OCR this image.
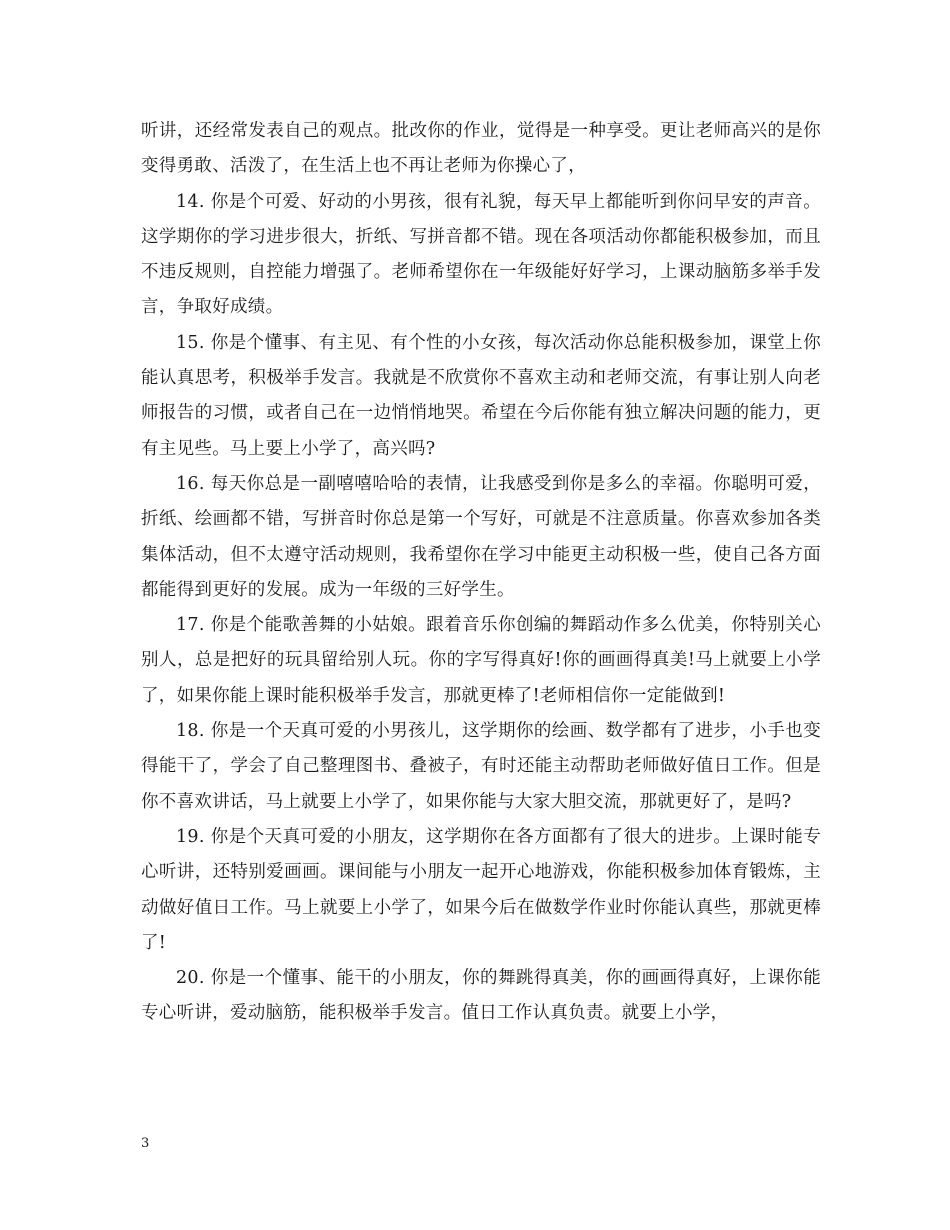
听讲，还经常发表自己的观点。批改你的作业，觉得是一种享受。更让老师高兴的是你变得勇敢、活泼了，在生活上也不再让老师为你操心了，

14. 你是个可爱、好动的小男孩，很有礼貌，每天早上都能听到你问早安的声音。这学期你的学习进步很大，折纸、写拼音都不错。现在各项活动你都能积极参加，而且不违反规则，自控能力增强了。老师希望你在一年级能好好学习，上课动脑筋多举手发言，争取好成绩。

15. 你是个懂事、有主见、有个性的小女孩，每次活动你总能积极参加，课堂上你能认真思考，积极举手发言。我就是不欣赏你不喜欢主动和老师交流，有事让别人向老师报告的习惯，或者自己在一边悄悄地哭。希望在今后你能有独立解决问题的能力，更有主见些。马上要上小学了，高兴吗?

16. 每天你总是一副嘻嘻哈哈的表情，让我感受到你是多么的幸福。你聪明可爱，折纸、绘画都不错，写拼音时你总是第一个写好，可就是不注意质量。你喜欢参加各类集体活动，但不太遵守活动规则，我希望你在学习中能更主动积极一些，使自己各方面都能得到更好的发展。成为一年级的三好学生。

17. 你是个能歌善舞的小姑娘。跟着音乐你创编的舞蹈动作多么优美，你特别关心别人，总是把好的玩具留给别人玩。你的字写得真好!你的画画得真美!马上就要上小学了，如果你能上课时能积极举手发言，那就更棒了!老师相信你一定能做到!

18. 你是一个天真可爱的小男孩儿，这学期你的绘画、数学都有了进步，小手也变得能干了，学会了自己整理图书、叠被子，有时还能主动帮助老师做好值日工作。但是你不喜欢讲话，马上就要上小学了，如果你能与大家大胆交流，那就更好了，是吗?

19. 你是个天真可爱的小朋友，这学期你在各方面都有了很大的进步。上课时能专心听讲，还特别爱画画。课间能与小朋友一起开心地游戏，你能积极参加体育锻炼，主动做好值日工作。马上就要上小学了，如果今后在做数学作业时你能认真些，那就更棒了!

20. 你是一个懂事、能干的小朋友，你的舞跳得真美，你的画画得真好，上课你能专心听讲，爱动脑筋，能积极举手发言。值日工作认真负责。就要上小学，

3
